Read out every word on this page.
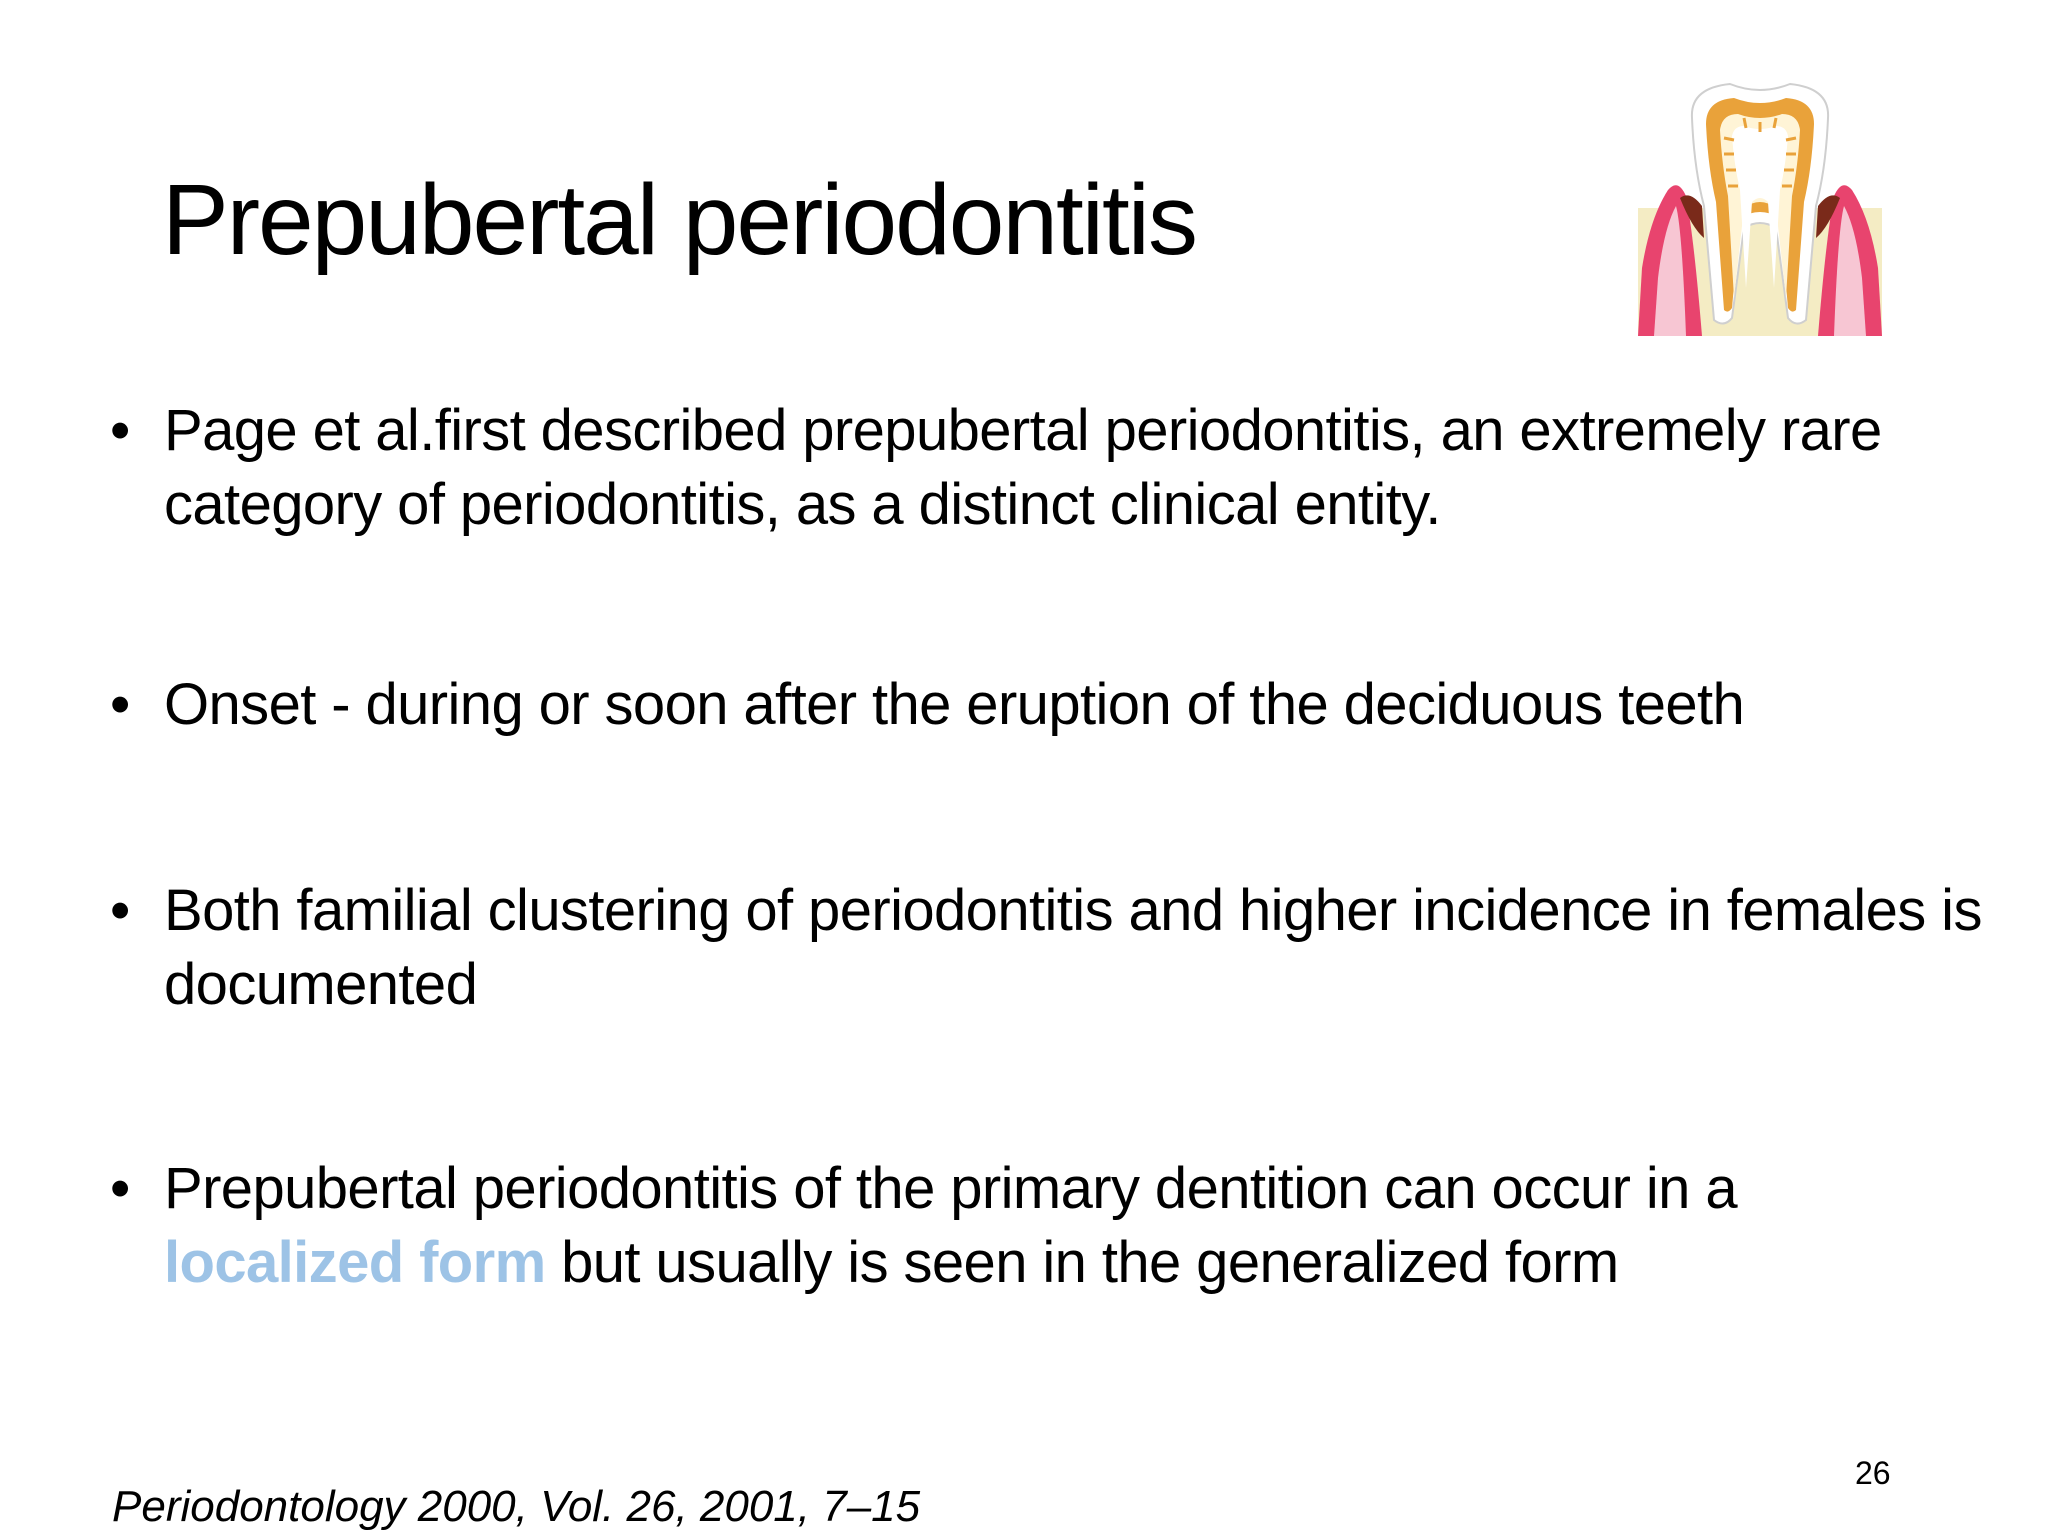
Prepubertal periodontitis
• Page et al.first described prepubertal periodontitis, an extremely rare category of periodontitis, as a distinct clinical entity.
• Onset - during or soon after the eruption of the deciduous teeth
• Both familial clustering of periodontitis and higher incidence in females is documented
• Prepubertal periodontitis of the primary dentition can occur in a localized form but usually is seen in the generalized form
26
Periodontology 2000, Vol. 26, 2001, 7–15
